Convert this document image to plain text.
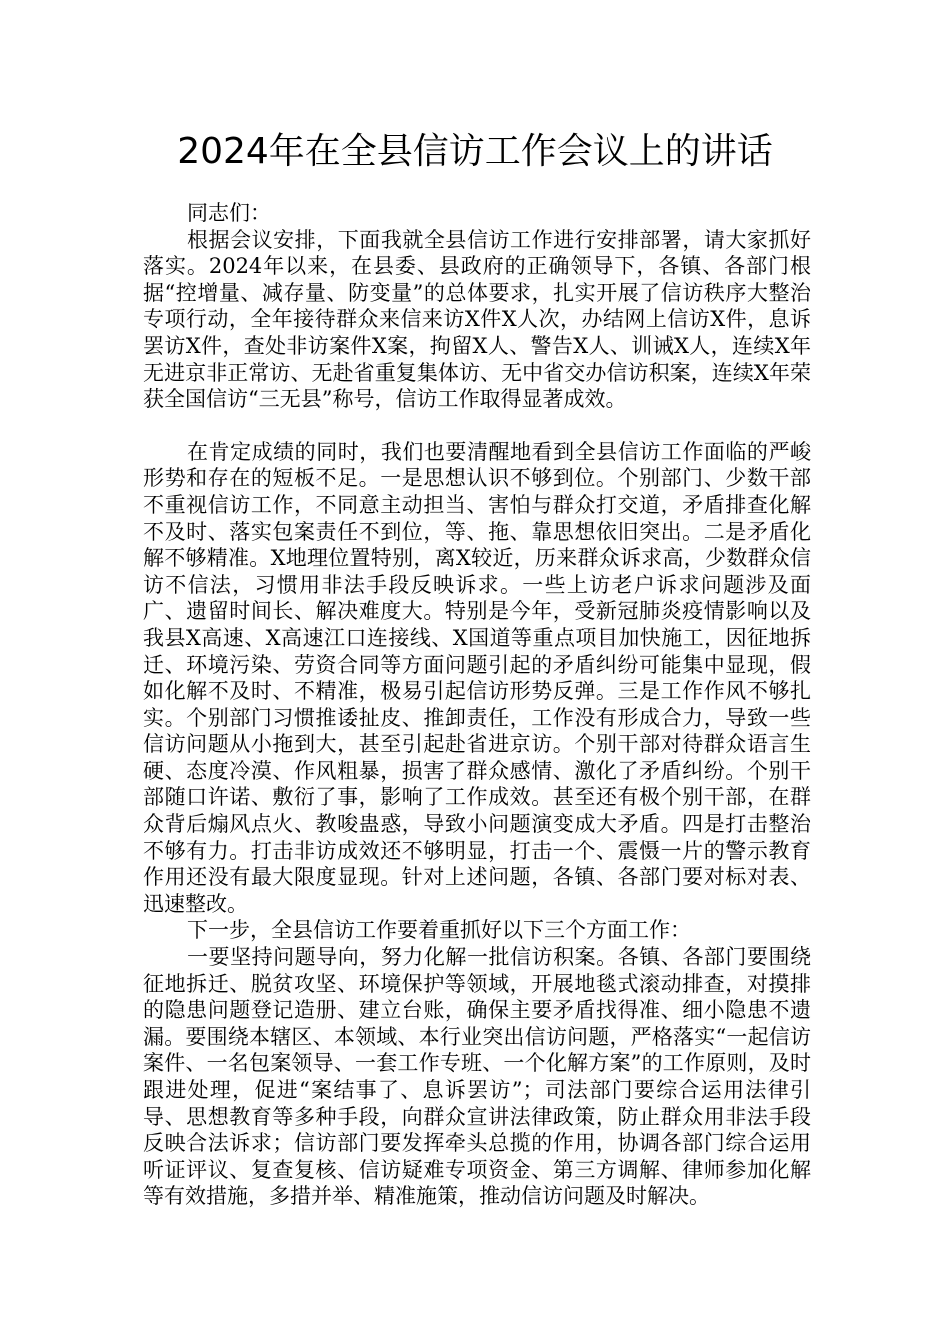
2024年在全县信访工作会议上的讲话

同志们：

根据会议安排，下面我就全县信访工作进行安排部署，请大家抓好落实。2024年以来，在县委、县政府的正确领导下，各镇、各部门根据“控增量、减存量、防变量”的总体要求，扎实开展了信访秩序大整治专项行动，全年接待群众来信来访X件X人次，办结网上信访X件，息诉罢访X件，查处非访案件X案，拘留X人、警告X人、训诫X人，连续X年无进京非正常访、无赴省重复集体访、无中省交办信访积案，连续X年荣获全国信访“三无县”称号，信访工作取得显著成效。

在肯定成绩的同时，我们也要清醒地看到全县信访工作面临的严峻形势和存在的短板不足。一是思想认识不够到位。个别部门、少数干部不重视信访工作，不同意主动担当、害怕与群众打交道，矛盾排查化解不及时、落实包案责任不到位，等、拖、靠思想依旧突出。二是矛盾化解不够精准。X地理位置特别，离X较近，历来群众诉求高，少数群众信访不信法，习惯用非法手段反映诉求。一些上访老户诉求问题涉及面广、遗留时间长、解决难度大。特别是今年，受新冠肺炎疫情影响以及我县X高速、X高速江口连接线、X国道等重点项目加快施工，因征地拆迁、环境污染、劳资合同等方面问题引起的矛盾纠纷可能集中显现，假如化解不及时、不精准，极易引起信访形势反弹。三是工作作风不够扎实。个别部门习惯推诿扯皮、推卸责任，工作没有形成合力，导致一些信访问题从小拖到大，甚至引起赴省进京访。个别干部对待群众语言生硬、态度冷漠、作风粗暴，损害了群众感情、激化了矛盾纠纷。个别干部随口许诺、敷衍了事，影响了工作成效。甚至还有极个别干部，在群众背后煽风点火、教唆蛊惑，导致小问题演变成大矛盾。四是打击整治不够有力。打击非访成效还不够明显，打击一个、震慑一片的警示教育作用还没有最大限度显现。针对上述问题，各镇、各部门要对标对表、迅速整改。

下一步，全县信访工作要着重抓好以下三个方面工作：

一要坚持问题导向，努力化解一批信访积案。各镇、各部门要围绕征地拆迁、脱贫攻坚、环境保护等领域，开展地毯式滚动排查，对摸排的隐患问题登记造册、建立台账，确保主要矛盾找得准、细小隐患不遗漏。要围绕本辖区、本领域、本行业突出信访问题，严格落实“一起信访案件、一名包案领导、一套工作专班、一个化解方案”的工作原则，及时跟进处理，促进“案结事了、息诉罢访”；司法部门要综合运用法律引导、思想教育等多种手段，向群众宣讲法律政策，防止群众用非法手段反映合法诉求；信访部门要发挥牵头总揽的作用，协调各部门综合运用听证评议、复查复核、信访疑难专项资金、第三方调解、律师参加化解等有效措施，多措并举、精准施策，推动信访问题及时解决。
